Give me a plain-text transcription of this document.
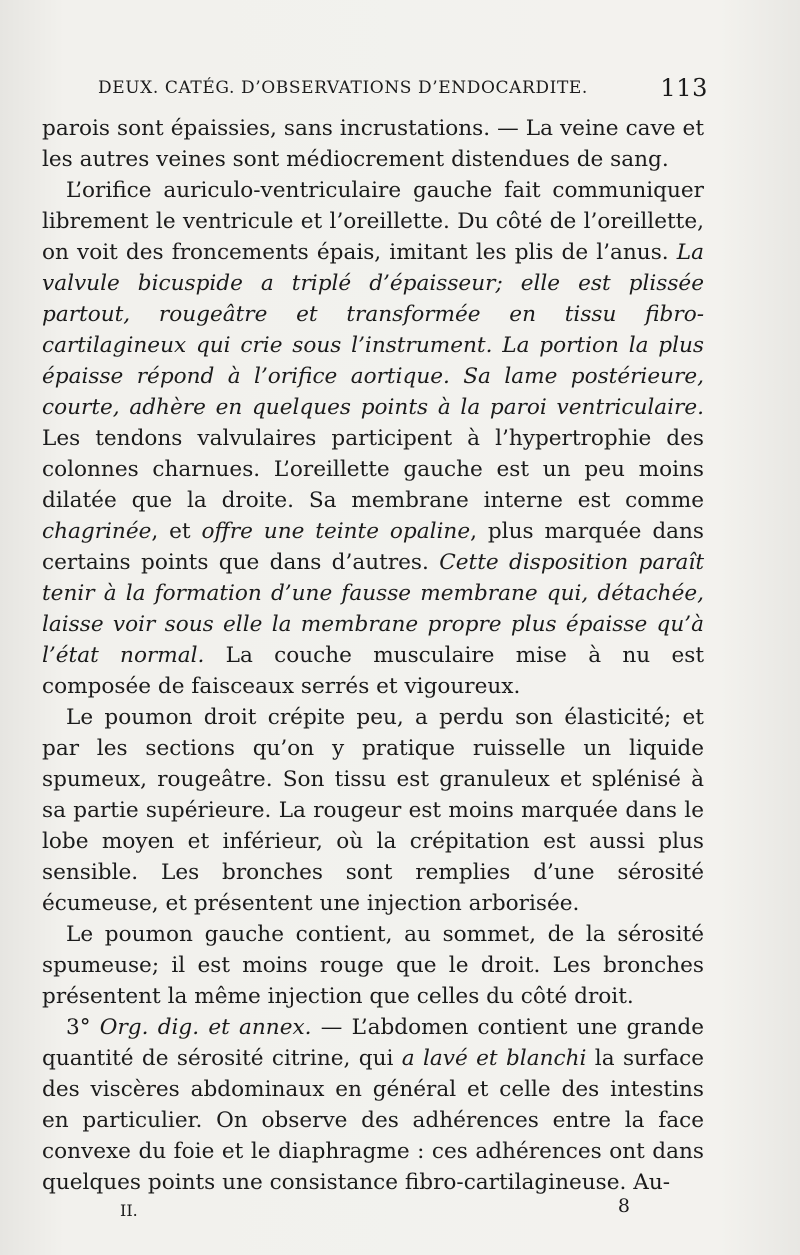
DEUX. CATÉG. D’OBSERVATIONS D’ENDOCARDITE.	113

parois sont épaissies, sans incrustations. — La veine cave et les autres veines sont médiocrement distendues de sang.

L’orifice auriculo-ventriculaire gauche fait communiquer librement le ventricule et l’oreillette. Du côté de l’oreillette, on voit des froncements épais, imitant les plis de l’anus. La valvule bicuspide a triplé d’épaisseur; elle est plissée partout, rougeâtre et transformée en tissu fibro-cartilagineux qui crie sous l’instrument. La portion la plus épaisse répond à l’orifice aortique. Sa lame postérieure, courte, adhère en quelques points à la paroi ventriculaire. Les tendons valvulaires participent à l’hypertrophie des colonnes charnues. L’oreillette gauche est un peu moins dilatée que la droite. Sa membrane interne est comme chagrinée, et offre une teinte opaline, plus marquée dans certains points que dans d’autres. Cette disposition paraît tenir à la formation d’une fausse membrane qui, détachée, laisse voir sous elle la membrane propre plus épaisse qu’à l’état normal. La couche musculaire mise à nu est composée de faisceaux serrés et vigoureux.

Le poumon droit crépite peu, a perdu son élasticité; et par les sections qu’on y pratique ruisselle un liquide spumeux, rougeâtre. Son tissu est granuleux et splénisé à sa partie supérieure. La rougeur est moins marquée dans le lobe moyen et inférieur, où la crépitation est aussi plus sensible. Les bronches sont remplies d’une sérosité écumeuse, et présentent une injection arborisée.

Le poumon gauche contient, au sommet, de la sérosité spumeuse; il est moins rouge que le droit. Les bronches présentent la même injection que celles du côté droit.

3° Org. dig. et annex. — L’abdomen contient une grande quantité de sérosité citrine, qui a lavé et blanchi la surface des viscères abdominaux en général et celle des intestins en particulier. On observe des adhérences entre la face convexe du foie et le diaphragme : ces adhérences ont dans quelques points une consistance fibro-cartilagineuse. Au-

II.	8
